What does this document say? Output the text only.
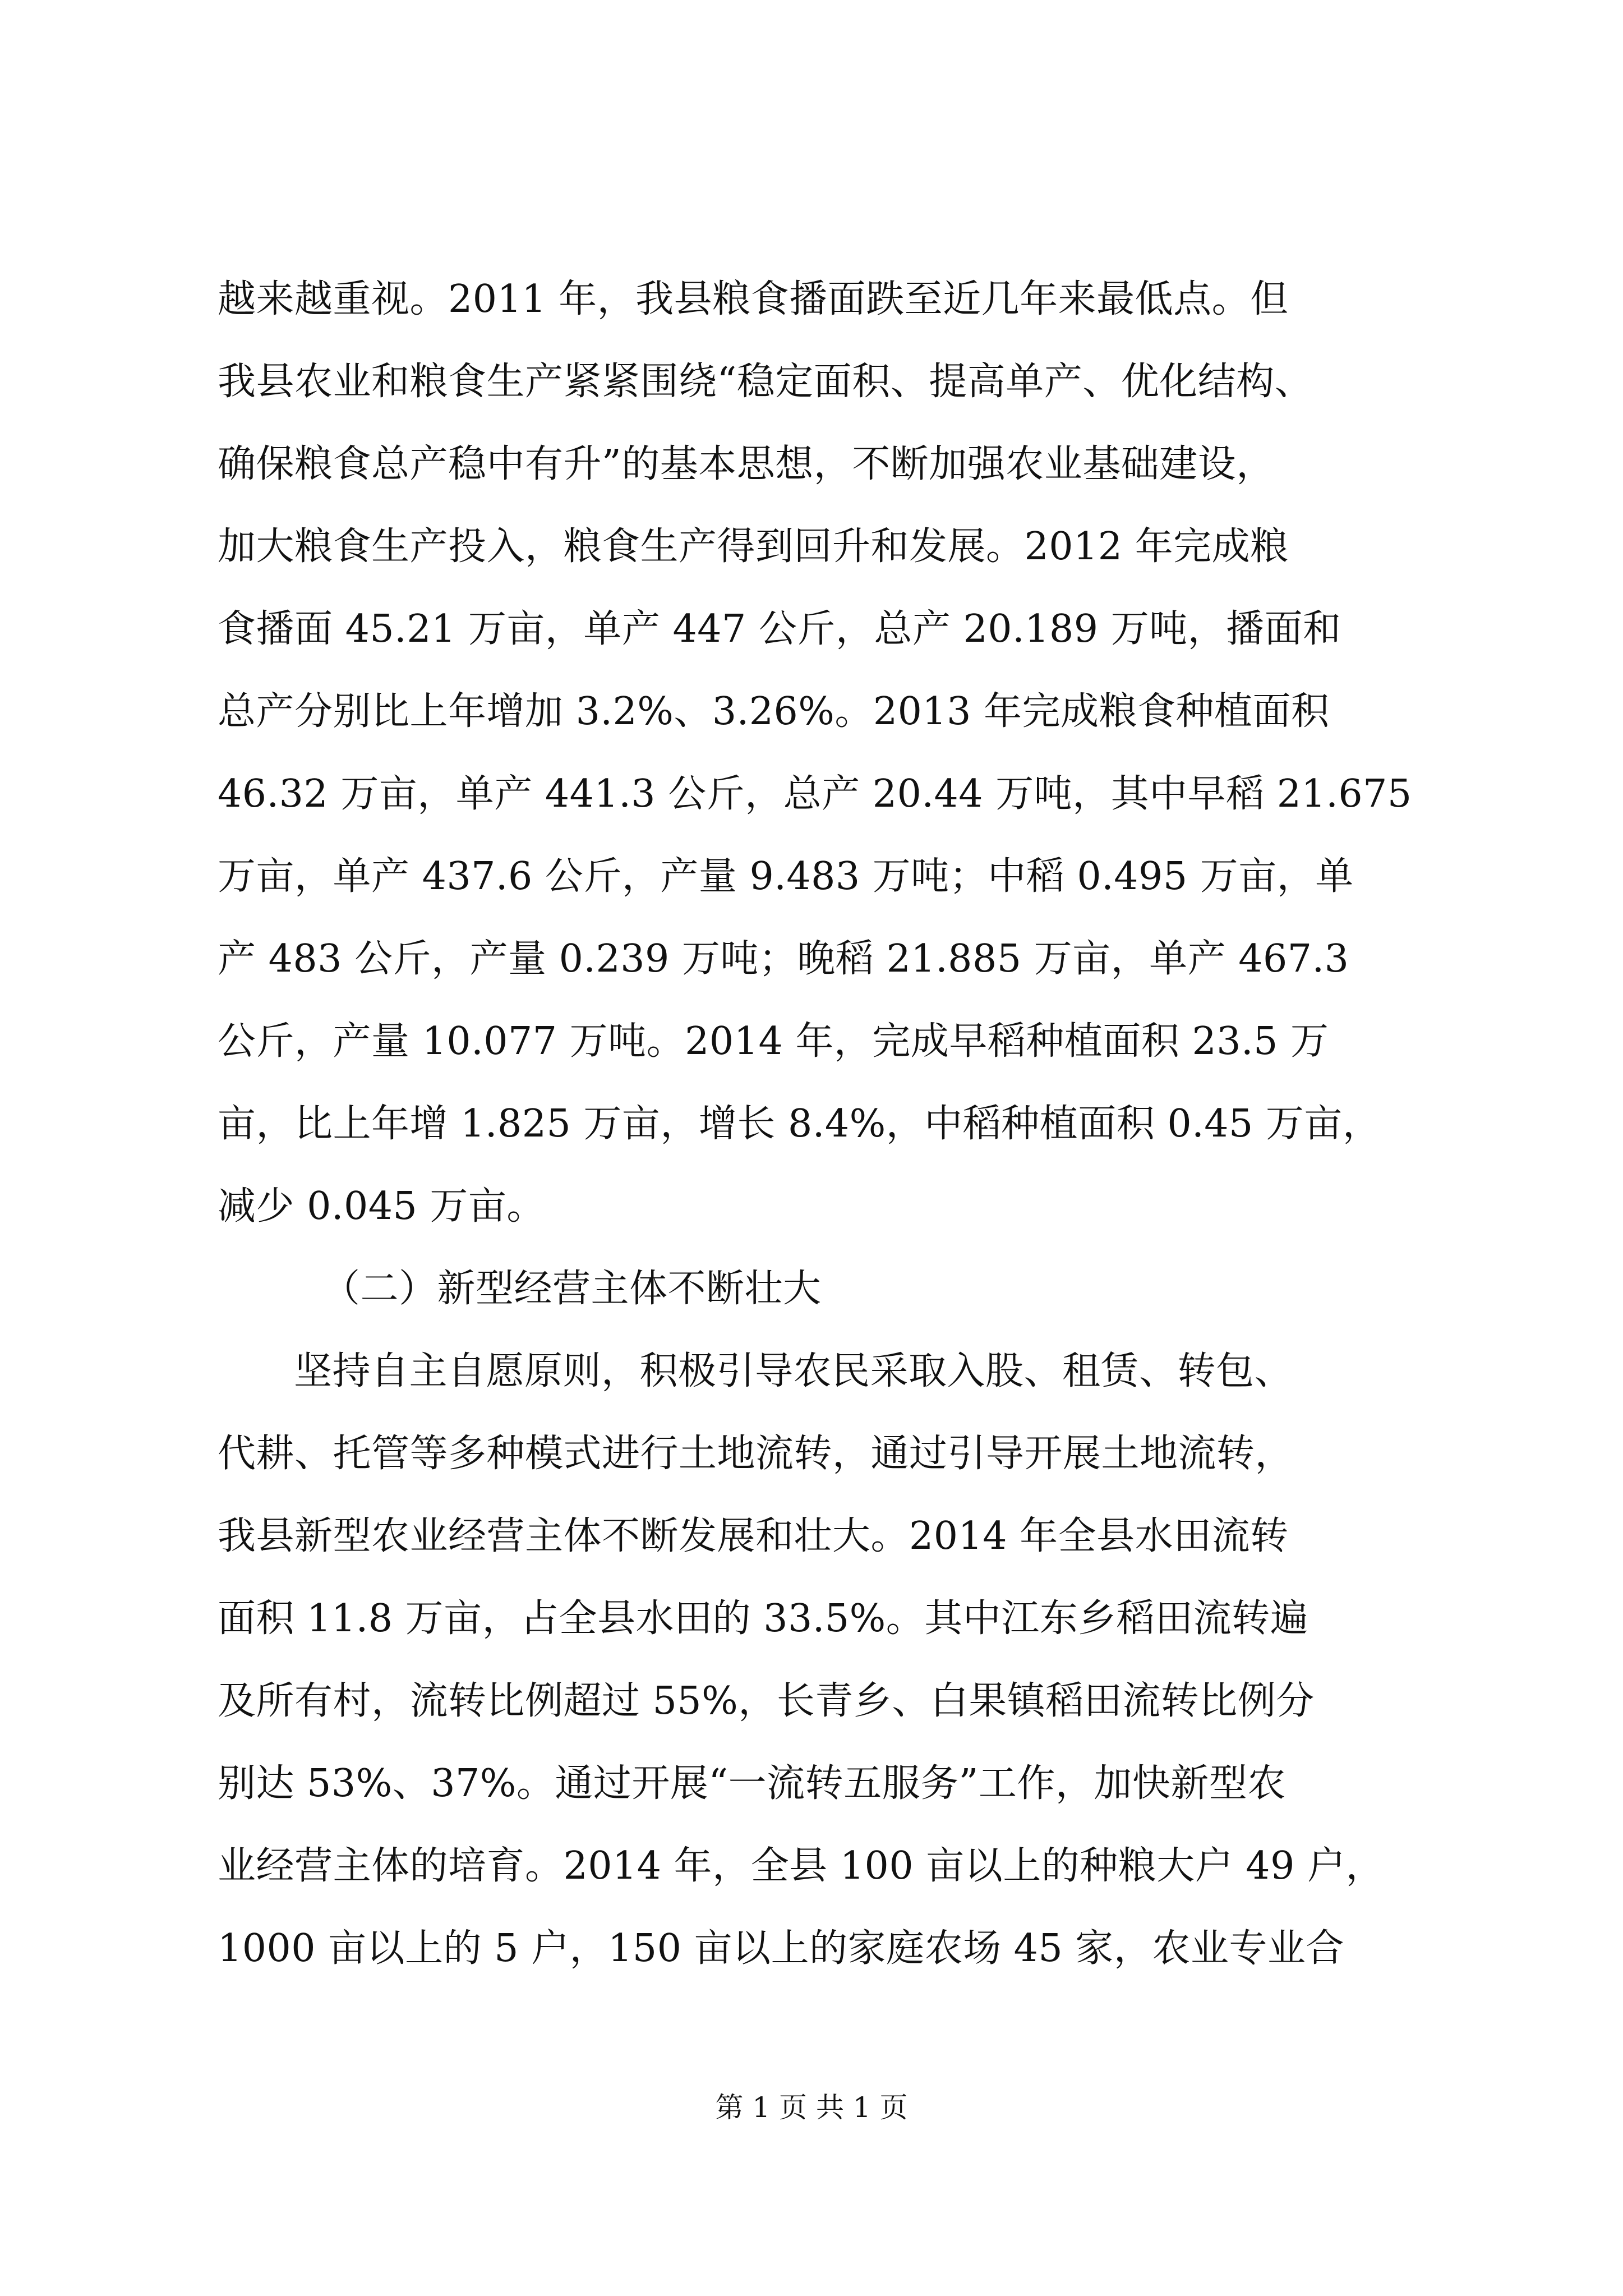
越来越重视。2011 年，我县粮食播面跌至近几年来最低点。但
我县农业和粮食生产紧紧围绕“稳定面积、提高单产、优化结构、
确保粮食总产稳中有升”的基本思想，不断加强农业基础建设，
加大粮食生产投入，粮食生产得到回升和发展。2012 年完成粮
食播面 45.21 万亩，单产 447 公斤，总产 20.189 万吨，播面和
总产分别比上年增加 3.2%、3.26%。2013 年完成粮食种植面积
46.32 万亩，单产 441.3 公斤，总产 20.44 万吨，其中早稻 21.675
万亩，单产 437.6 公斤，产量 9.483 万吨；中稻 0.495 万亩，单
产 483 公斤，产量 0.239 万吨；晚稻 21.885 万亩，单产 467.3
公斤，产量 10.077 万吨。2014 年，完成早稻种植面积 23.5 万
亩，比上年增 1.825 万亩，增长 8.4%，中稻种植面积 0.45 万亩，
减少 0.045 万亩。
（二）新型经营主体不断壮大
坚持自主自愿原则，积极引导农民采取入股、租赁、转包、
代耕、托管等多种模式进行土地流转，通过引导开展土地流转，
我县新型农业经营主体不断发展和壮大。2014 年全县水田流转
面积 11.8 万亩，占全县水田的 33.5%。其中江东乡稻田流转遍
及所有村，流转比例超过 55%，长青乡、白果镇稻田流转比例分
别达 53%、37%。通过开展“一流转五服务”工作，加快新型农
业经营主体的培育。2014 年，全县 100 亩以上的种粮大户 49 户，
1000 亩以上的 5 户，150 亩以上的家庭农场 45 家，农业专业合
第 1 页 共 1 页
